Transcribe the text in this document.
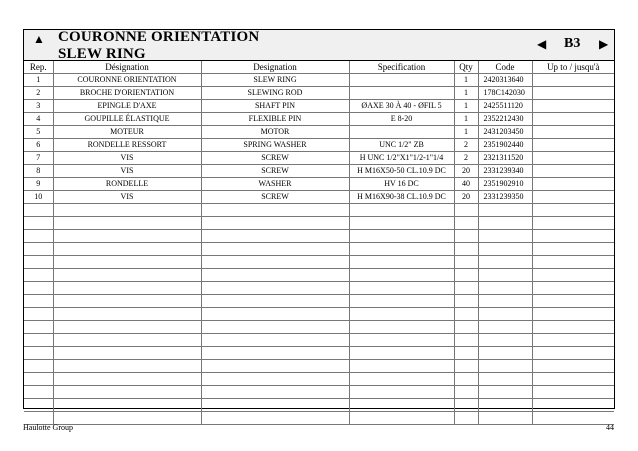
▲ COURONNE ORIENTATION
SLEW RING
◀ B3 ▶
Rep.	Désignation	Designation	Specification	Qty	Code	Up to / jusqu'à
1	COURONNE ORIENTATION	SLEW RING		1	2420313640	
2	BROCHE D'ORIENTATION	SLEWING ROD		1	178C142030	
3	EPINGLE D'AXE	SHAFT PIN	ØAXE 30 À 40 - ØFIL 5	1	2425511120	
4	GOUPILLE ÉLASTIQUE	FLEXIBLE PIN	E 8-20	1	2352212430	
5	MOTEUR	MOTOR		1	2431203450	
6	RONDELLE RESSORT	SPRING WASHER	UNC 1/2" ZB	2	2351902440	
7	VIS	SCREW	H UNC 1/2"X1"1/2-1"1/4	2	2321311520	
8	VIS	SCREW	H M16X50-50 CL.10.9 DC	20	2331239340	
9	RONDELLE	WASHER	HV 16 DC	40	2351902910	
10	VIS	SCREW	H M16X90-38 CL.10.9 DC	20	2331239350	

Haulotte Group	44
